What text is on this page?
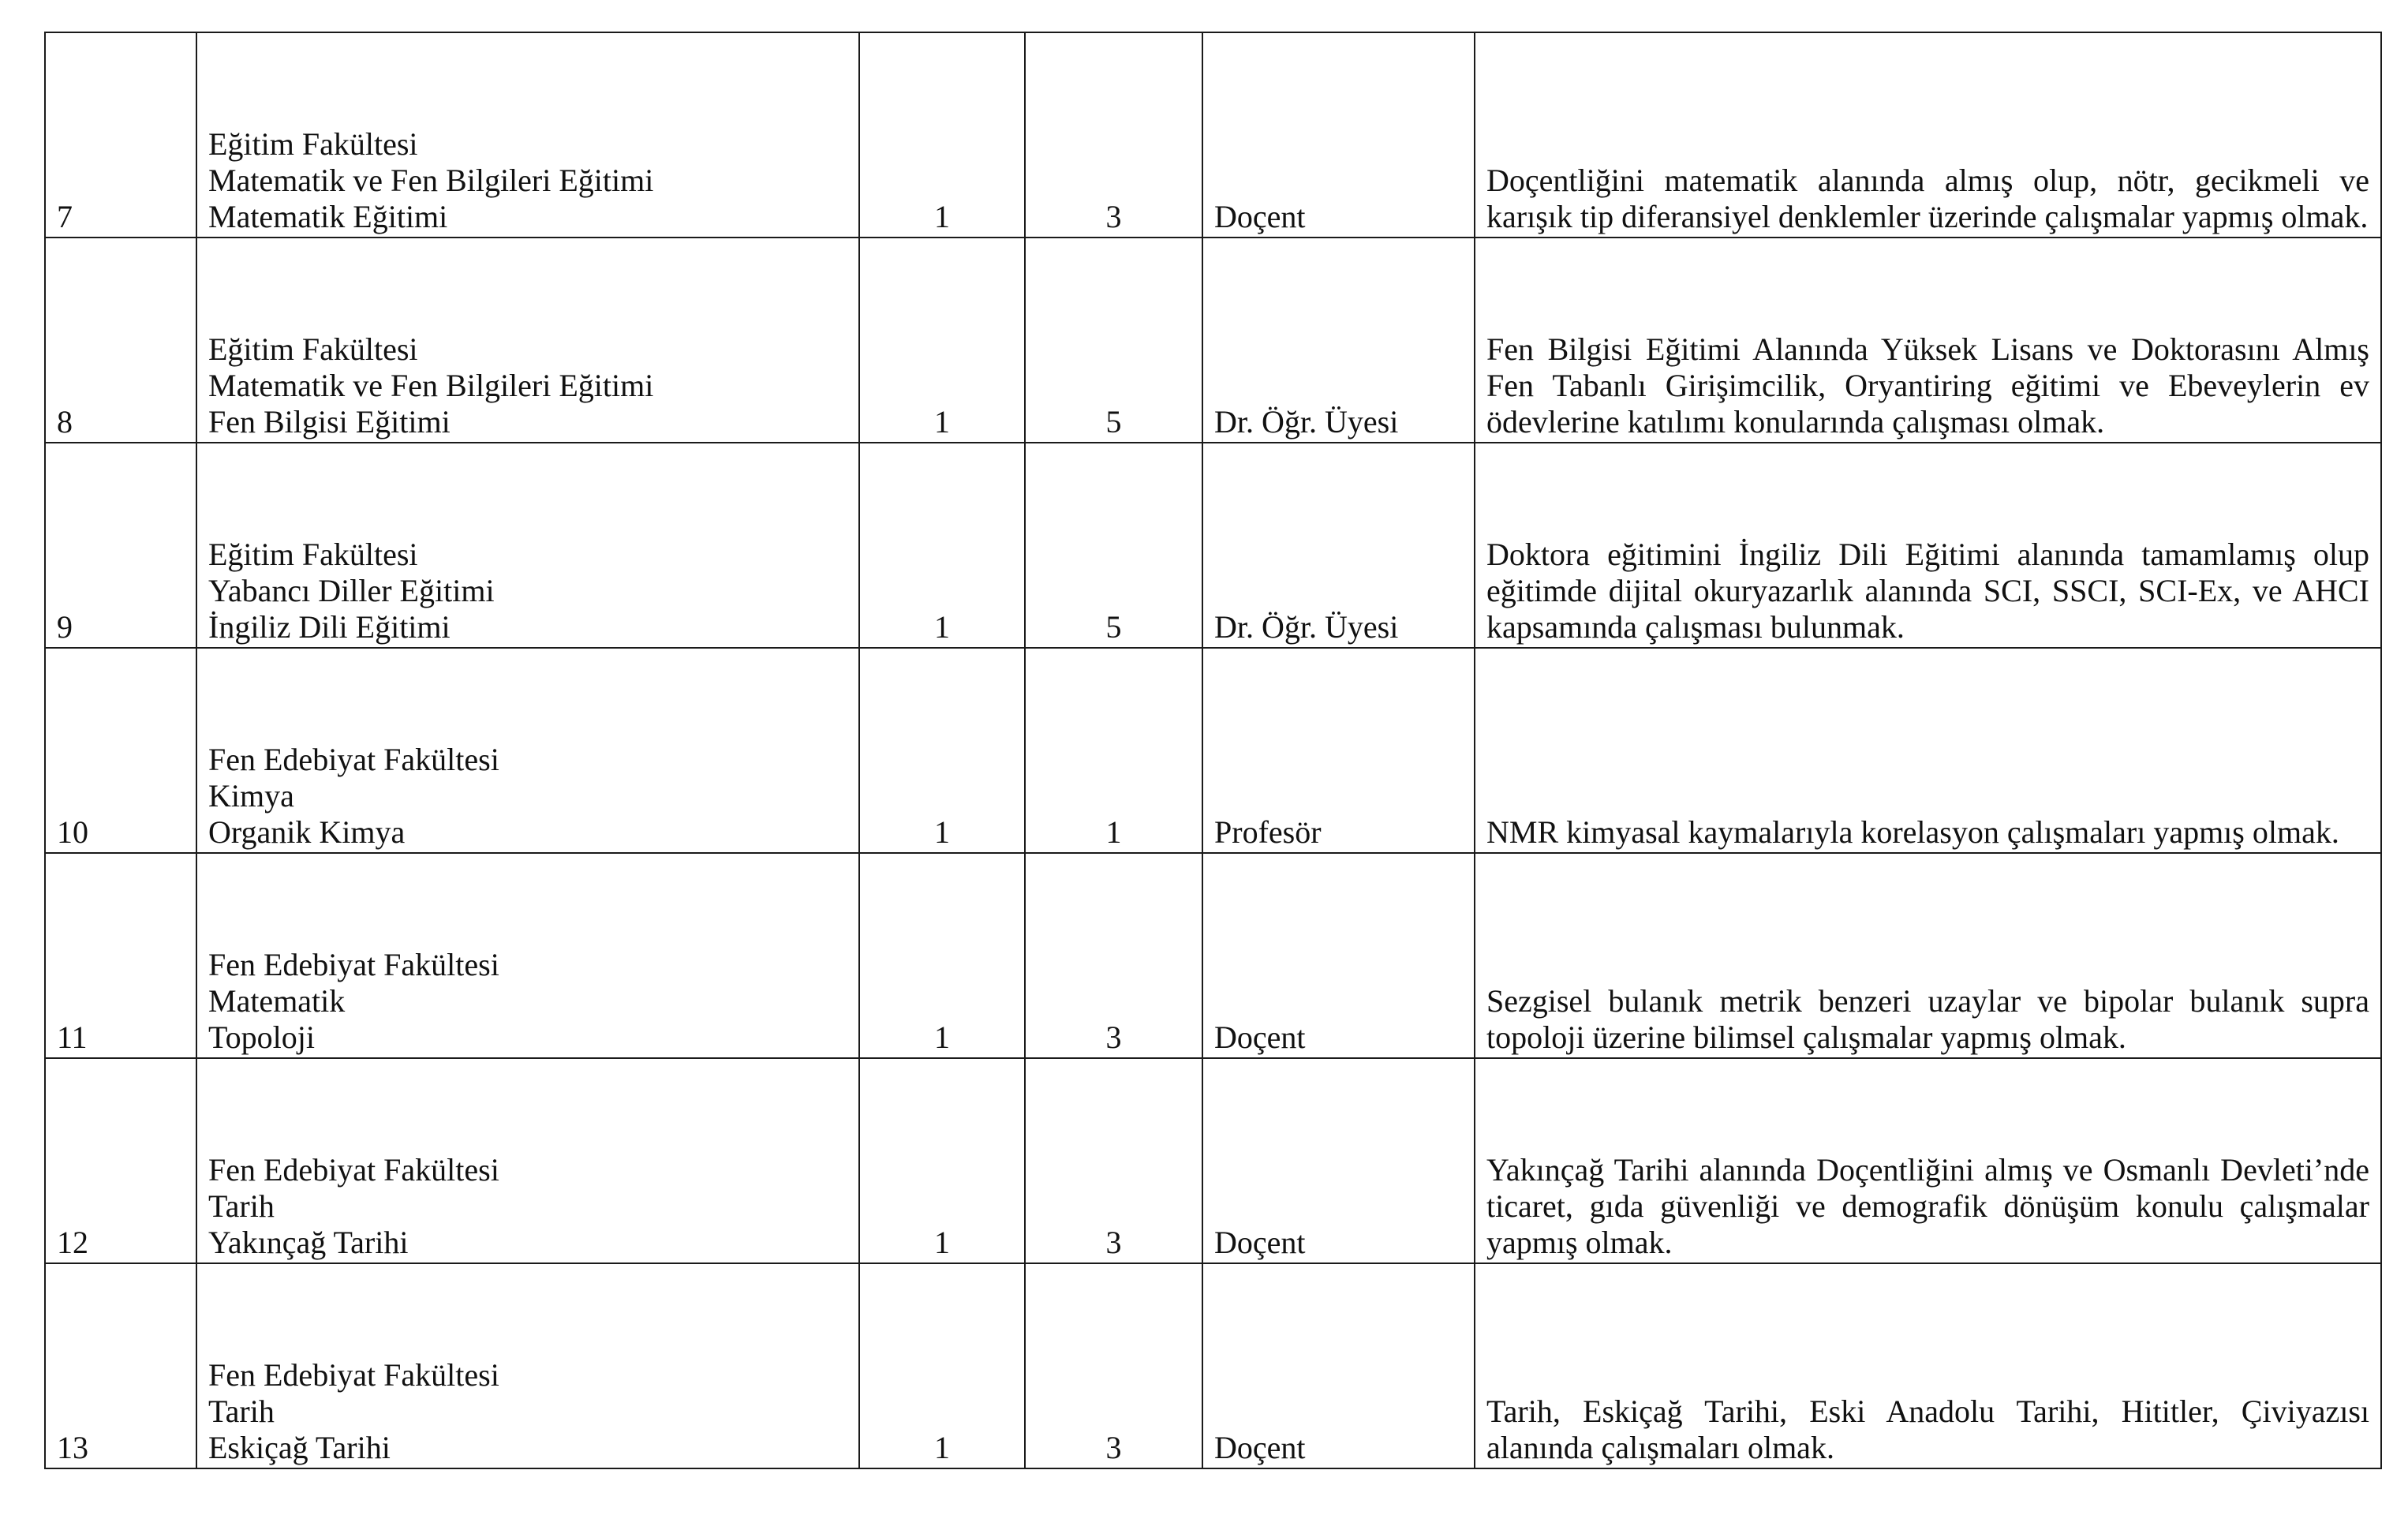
7	Eğitim Fakültesi
Matematik ve Fen Bilgileri Eğitimi
Matematik Eğitimi	1	3	Doçent	Doçentliğini matematik alanında almış olup, nötr, gecikmeli ve karışık tip diferansiyel denklemler üzerinde çalışmalar yapmış olmak.

8	Eğitim Fakültesi
Matematik ve Fen Bilgileri Eğitimi
Fen Bilgisi Eğitimi	1	5	Dr. Öğr. Üyesi	Fen Bilgisi Eğitimi Alanında Yüksek Lisans ve Doktorasını Almış Fen Tabanlı Girişimcilik, Oryantiring eğitimi ve Ebeveylerin ev ödevlerine katılımı konularında çalışması olmak.

9	Eğitim Fakültesi
Yabancı Diller Eğitimi
İngiliz Dili Eğitimi	1	5	Dr. Öğr. Üyesi	Doktora eğitimini İngiliz Dili Eğitimi alanında tamamlamış olup eğitimde dijital okuryazarlık alanında SCI, SSCI, SCI-Ex, ve AHCI kapsamında çalışması bulunmak.

10	Fen Edebiyat Fakültesi
Kimya
Organik Kimya	1	1	Profesör	NMR kimyasal kaymalarıyla korelasyon çalışmaları yapmış olmak.

11	Fen Edebiyat Fakültesi
Matematik
Topoloji	1	3	Doçent	Sezgisel bulanık metrik benzeri uzaylar ve bipolar bulanık supra topoloji üzerine bilimsel çalışmalar yapmış olmak.

12	Fen Edebiyat Fakültesi
Tarih
Yakınçağ Tarihi	1	3	Doçent	Yakınçağ Tarihi alanında Doçentliğini almış ve Osmanlı Devleti’nde ticaret, gıda güvenliği ve demografik dönüşüm konulu çalışmalar yapmış olmak.

13	Fen Edebiyat Fakültesi
Tarih
Eskiçağ Tarihi	1	3	Doçent	Tarih, Eskiçağ Tarihi, Eski Anadolu Tarihi, Hititler, Çiviyazısı alanında çalışmaları olmak.
